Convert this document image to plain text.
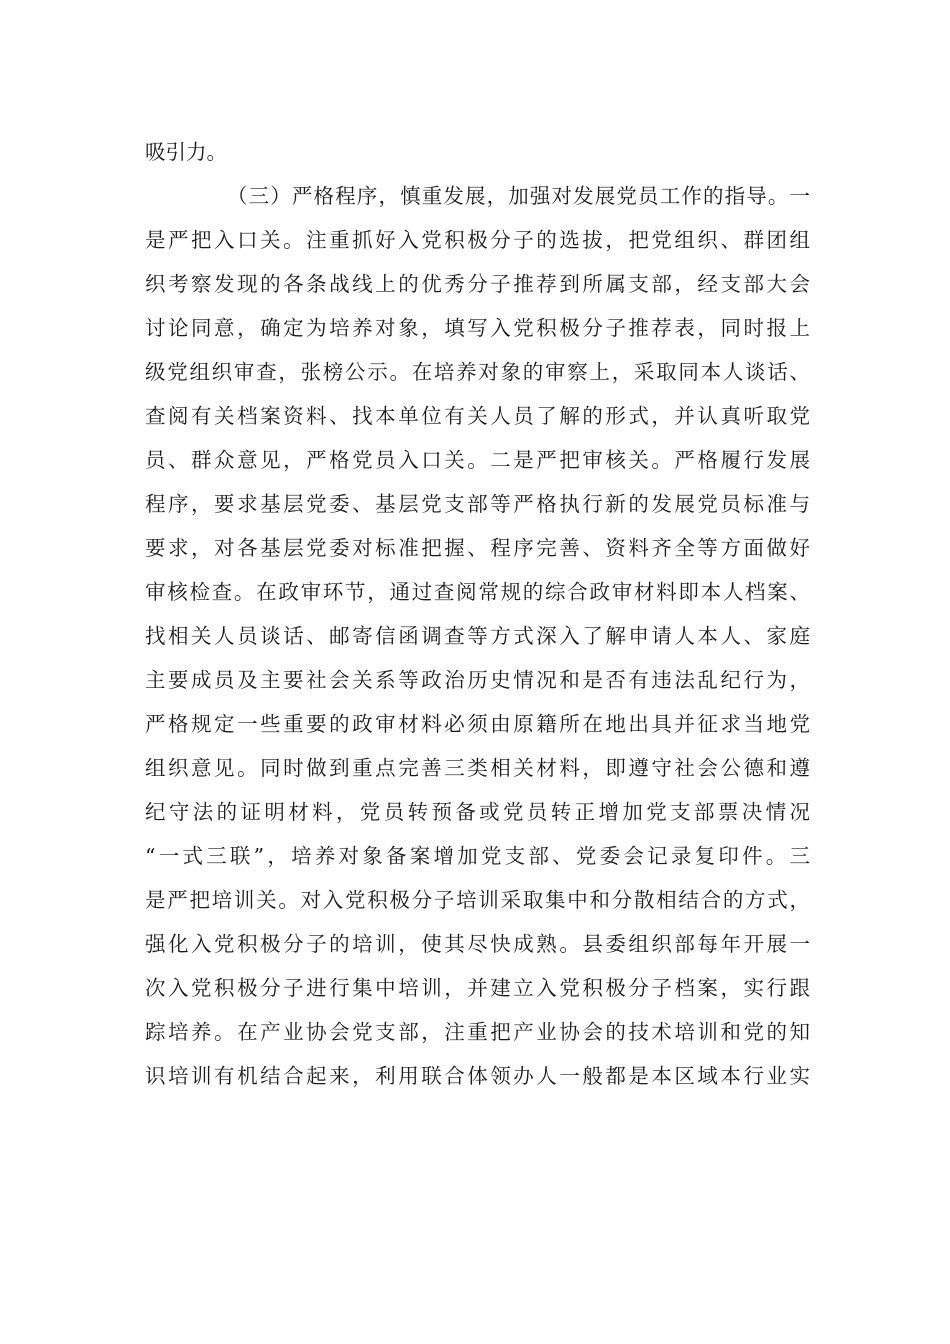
吸引力。
（三）严格程序，慎重发展，加强对发展党员工作的指导。一
是严把入口关。注重抓好入党积极分子的选拔，把党组织、群团组
织考察发现的各条战线上的优秀分子推荐到所属支部，经支部大会
讨论同意，确定为培养对象，填写入党积极分子推荐表，同时报上
级党组织审查，张榜公示。在培养对象的审察上，采取同本人谈话、
查阅有关档案资料、找本单位有关人员了解的形式，并认真听取党
员、群众意见，严格党员入口关。二是严把审核关。严格履行发展
程序，要求基层党委、基层党支部等严格执行新的发展党员标准与
要求，对各基层党委对标准把握、程序完善、资料齐全等方面做好
审核检查。在政审环节，通过查阅常规的综合政审材料即本人档案、
找相关人员谈话、邮寄信函调查等方式深入了解申请人本人、家庭
主要成员及主要社会关系等政治历史情况和是否有违法乱纪行为，
严格规定一些重要的政审材料必须由原籍所在地出具并征求当地党
组织意见。同时做到重点完善三类相关材料，即遵守社会公德和遵
纪守法的证明材料，党员转预备或党员转正增加党支部票决情况
“一式三联”，培养对象备案增加党支部、党委会记录复印件。三
是严把培训关。对入党积极分子培训采取集中和分散相结合的方式，
强化入党积极分子的培训，使其尽快成熟。县委组织部每年开展一
次入党积极分子进行集中培训，并建立入党积极分子档案，实行跟
踪培养。在产业协会党支部，注重把产业协会的技术培训和党的知
识培训有机结合起来，利用联合体领办人一般都是本区域本行业实
